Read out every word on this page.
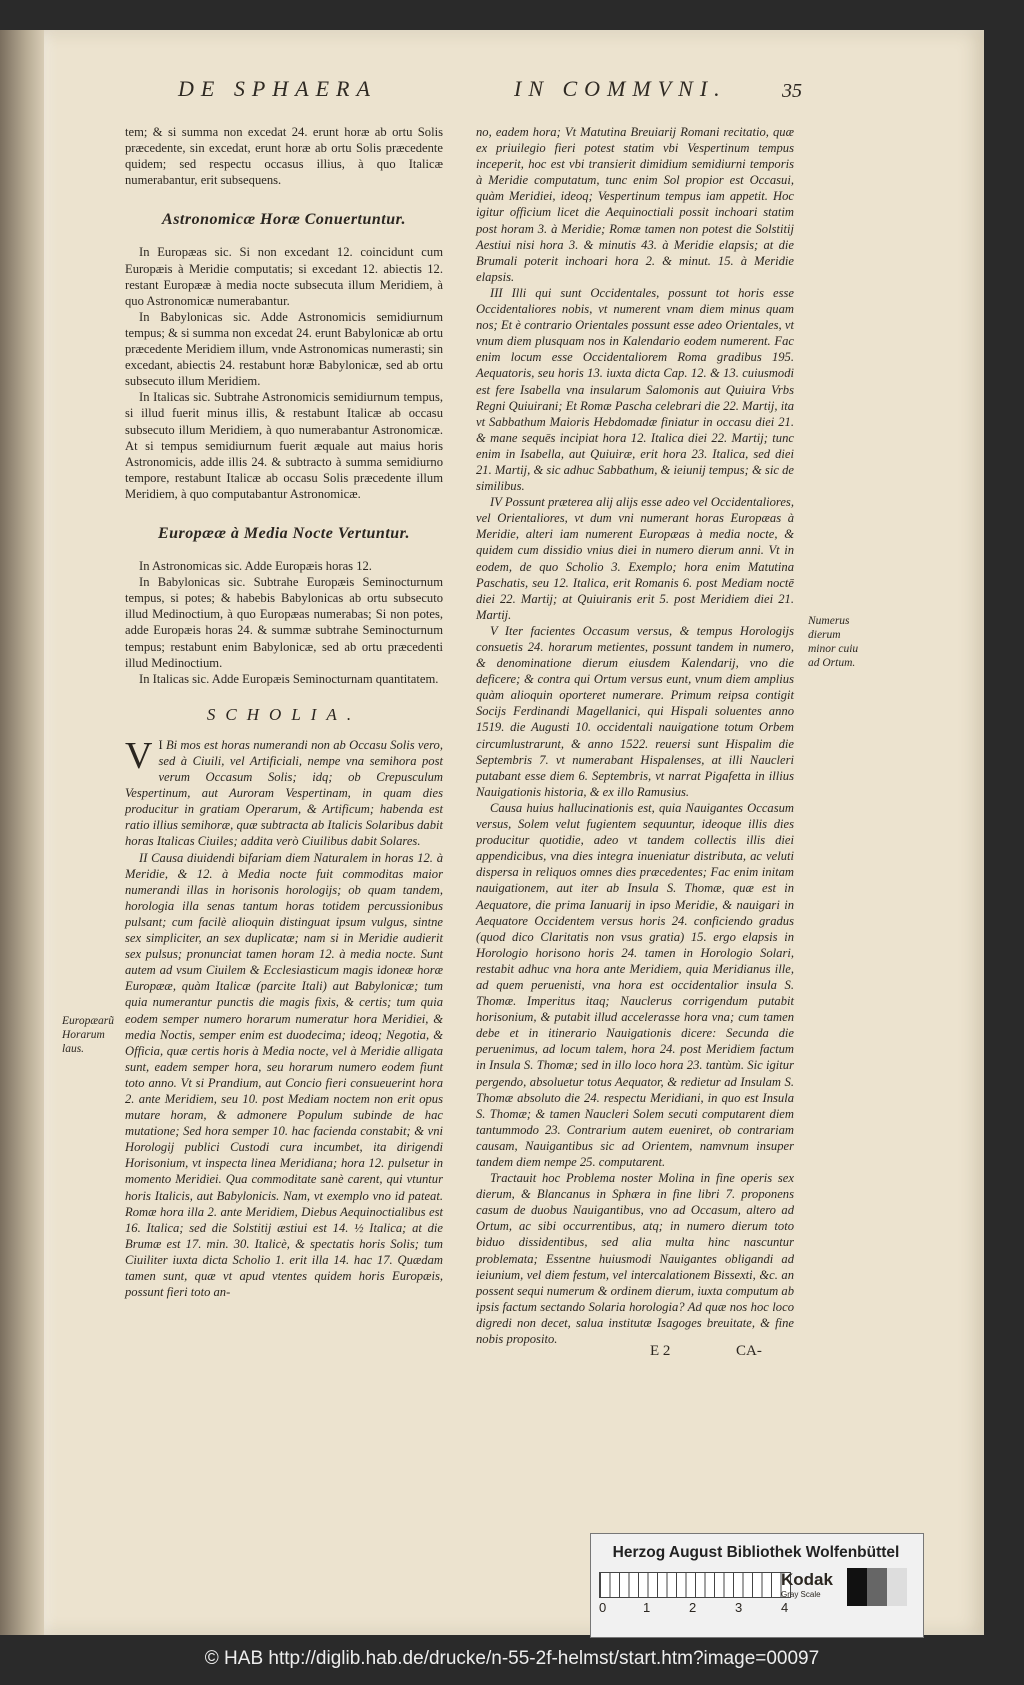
DE SPHAERA	IN COMMVNI.	35

tem; & si summa non excedat 24. erunt horæ ab ortu Solis præcedente, sin excedat, erunt horæ ab ortu Solis præcedente quidem; sed respectu occasus illius, à quo Italicæ numerabantur, erit subsequens.

Astronomicæ Horæ Conuertuntur.

In Europæas sic. Si non excedant 12. coincidunt cum Europæis à Meridie computatis; si excedant 12. abiectis 12. restant Europææ à media nocte subsecuta illum Meridiem, à quo Astronomicæ numerabantur.

In Babylonicas sic. Adde Astronomicis semidiurnum tempus; & si summa non excedat 24. erunt Babylonicæ ab ortu præcedente Meridiem illum, vnde Astronomicas numerasti; sin excedant, abiectis 24. restabunt horæ Babylonicæ, sed ab ortu subsecuto illum Meridiem.

In Italicas sic. Subtrahe Astronomicis semidiurnum tempus, si illud fuerit minus illis, & restabunt Italicæ ab occasu subsecuto illum Meridiem, à quo numerabantur Astronomicæ. At si tempus semidiurnum fuerit æquale aut maius horis Astronomicis, adde illis 24. & subtracto à summa semidiurno tempore, restabunt Italicæ ab occasu Solis præcedente illum Meridiem, à quo computabantur Astronomicæ.

Europææ à Media Nocte Vertuntur.

In Astronomicas sic. Adde Europæis horas 12.

In Babylonicas sic. Subtrahe Europæis Seminocturnum tempus, si potes; & habebis Babylonicas ab ortu subsecuto illud Medinoctium, à quo Europæas numerabas; Si non potes, adde Europæis horas 24. & summæ subtrahe Seminocturnum tempus; restabunt enim Babylonicæ, sed ab ortu præcedenti illud Medinoctium.

In Italicas sic. Adde Europæis Seminocturnam quantitatem.

SCHOLIA.

I
V Bi mos est horas numerandi non ab Occasu Solis vero, sed à Ciuili, vel Artificiali, nempe vna semihora post verum Occasum Solis; idq; ob Crepusculum Vespertinum, aut Auroram Vespertinam, in quam dies producitur in gratiam Operarum, & Artificum; habenda est ratio illius semihoræ, quæ subtracta ab Italicis Solaribus dabit horas Italicas Ciuiles; addita verò Ciuilibus dabit Solares.

II Causa diuidendi bifariam diem Naturalem in horas 12. à Meridie, & 12. à Media nocte fuit commoditas maior numerandi illas in horisonis horologijs; ob quam tandem, horologia illa senas tantum horas totidem percussionibus pulsant; cum facilè alioquin distinguat ipsum vulgus, sintne sex simpliciter, an sex duplicatæ; nam si in Meridie audierit sex pulsus; pronunciat tamen horam 12. à media nocte. Sunt autem ad vsum Ciuilem & Ecclesiasticum magis idoneæ horæ Europææ, quàm Italicæ (parcite Itali) aut Babylonicæ; tum quia numerantur punctis die magis fixis, & certis; tum quia eodem semper numero horarum numeratur hora Meridiei, & media Noctis, semper enim est duodecima; ideoq; Negotia, & Officia, quæ certis horis à Media nocte, vel à Meridie alligata sunt, eadem semper hora, seu horarum numero eodem fiunt toto anno. Vt si Prandium, aut Concio fieri consueuerint hora 2. ante Meridiem, seu 10. post Mediam noctem non erit opus mutare horam, & admonere Populum subinde de hac mutatione; Sed hora semper 10. hac facienda constabit; & vni Horologij publici Custodi cura incumbet, ita dirigendi Horisonium, vt inspecta linea Meridiana; hora 12. pulsetur in momento Meridiei. Qua commoditate sanè carent, qui vtuntur horis Italicis, aut Babylonicis. Nam, vt exemplo vno id pateat. Romæ hora illa 2. ante Meridiem, Diebus Aequinoctialibus est 16. Italica; sed die Solstitij æstiui est 14. ½ Italica; at die Brumæ est 17. min. 30. Italicè, & spectatis horis Solis; tum Ciuiliter iuxta dicta Scholio 1. erit illa 14. hac 17. Quædam tamen sunt, quæ vt apud vtentes quidem horis Europæis, possunt fieri toto an-

no, eadem hora; Vt Matutina Breuiarij Romani recitatio, quæ ex priuilegio fieri potest statim vbi Vespertinum tempus inceperit, hoc est vbi transierit dimidium semidiurni temporis à Meridie computatum, tunc enim Sol propior est Occasui, quàm Meridiei, ideoq; Vespertinum tempus iam appetit. Hoc igitur officium licet die Aequinoctiali possit inchoari statim post horam 3. à Meridie; Romæ tamen non potest die Solstitij Aestiui nisi hora 3. & minutis 43. à Meridie elapsis; at die Brumali poterit inchoari hora 2. & minut. 15. à Meridie elapsis.

III Illi qui sunt Occidentales, possunt tot horis esse Occidentaliores nobis, vt numerent vnam diem minus quam nos; Et è contrario Orientales possunt esse adeo Orientales, vt vnum diem plusquam nos in Kalendario eodem numerent. Fac enim locum esse Occidentaliorem Roma gradibus 195. Aequatoris, seu horis 13. iuxta dicta Cap. 12. & 13. cuiusmodi est fere Isabella vna insularum Salomonis aut Quiuira Vrbs Regni Quiuirani; Et Romæ Pascha celebrari die 22. Martij, ita vt Sabbathum Maioris Hebdomadæ finiatur in occasu diei 21. & mane sequēs incipiat hora 12. Italica diei 22. Martij; tunc enim in Isabella, aut Quiuiræ, erit hora 23. Italica, sed diei 21. Martij, & sic adhuc Sabbathum, & ieiunij tempus; & sic de similibus.

IV Possunt præterea alij alijs esse adeo vel Occidentaliores, vel Orientaliores, vt dum vni numerant horas Europæas à Meridie, alteri iam numerent Europæas à media nocte, & quidem cum dissidio vnius diei in numero dierum anni. Vt in eodem, de quo Scholio 3. Exemplo; hora enim Matutina Paschatis, seu 12. Italica, erit Romanis 6. post Mediam noctē diei 22. Martij; at Quiuiranis erit 5. post Meridiem diei 21. Martij.

V Iter facientes Occasum versus, & tempus Horologijs consuetis 24. horarum metientes, possunt tandem in numero, & denominatione dierum eiusdem Kalendarij, vno die deficere; & contra qui Ortum versus eunt, vnum diem amplius quàm alioquin oporteret numerare. Primum reipsa contigit Socijs Ferdinandi Magellanici, qui Hispali soluentes anno 1519. die Augusti 10. occidentali nauigatione totum Orbem circumlustrarunt, & anno 1522. reuersi sunt Hispalim die Septembris 7. vt numerabant Hispalenses, at illi Naucleri putabant esse diem 6. Septembris, vt narrat Pigafetta in illius Nauigationis historia, & ex illo Ramusius.

Causa huius hallucinationis est, quia Nauigantes Occasum versus, Solem velut fugientem sequuntur, ideoque illis dies producitur quotidie, adeo vt tandem collectis illis diei appendicibus, vna dies integra inueniatur distributa, ac veluti dispersa in reliquos omnes dies præcedentes; Fac enim initam nauigationem, aut iter ab Insula S. Thomæ, quæ est in Aequatore, die prima Ianuarij in ipso Meridie, & nauigari in Aequatore Occidentem versus horis 24. conficiendo gradus (quod dico Claritatis non vsus gratia) 15. ergo elapsis in Horologio horisono horis 24. tamen in Horologio Solari, restabit adhuc vna hora ante Meridiem, quia Meridianus ille, ad quem peruenisti, vna hora est occidentalior insula S. Thomæ. Imperitus itaq; Nauclerus corrigendum putabit horisonium, & putabit illud accelerasse hora vna; cum tamen debe et in itinerario Nauigationis dicere: Secunda die peruenimus, ad locum talem, hora 24. post Meridiem factum in Insula S. Thomæ; sed in illo loco hora 23. tantùm. Sic igitur pergendo, absoluetur totus Aequator, & redietur ad Insulam S. Thomæ absoluto die 24. respectu Meridiani, in quo est Insula S. Thomæ; & tamen Naucleri Solem secuti computarent diem tantummodo 23. Contrarium autem eueniret, ob contrariam causam, Nauigantibus sic ad Orientem, namvnum insuper tandem diem nempe 25. computarent.

Tractauit hoc Problema noster Molina in fine operis sex dierum, & Blancanus in Sphæra in fine libri 7. proponens casum de duobus Nauigantibus, vno ad Occasum, altero ad Ortum, ac sibi occurrentibus, atq; in numero dierum toto biduo dissidentibus, sed alia multa hinc nascuntur problemata; Essentne huiusmodi Nauigantes obligandi ad ieiunium, vel diem festum, vel intercalationem Bissexti, &c. an possent sequi numerum & ordinem dierum, iuxta computum ab ipsis factum sectando Solaria horologia? Ad quæ nos hoc loco digredi non decet, salua institutæ Isagoges breuitate, & fine nobis proposito.

Numerus dierum minor cuiu ad Ortum.
Europæarũ Horarum laus.
E 2	CA-
Herzog August Bibliothek Wolfenbüttel
0	1	2	3	4
Kodak
Gray Scale
© HAB http://diglib.hab.de/drucke/n-55-2f-helmst/start.htm?image=00097
